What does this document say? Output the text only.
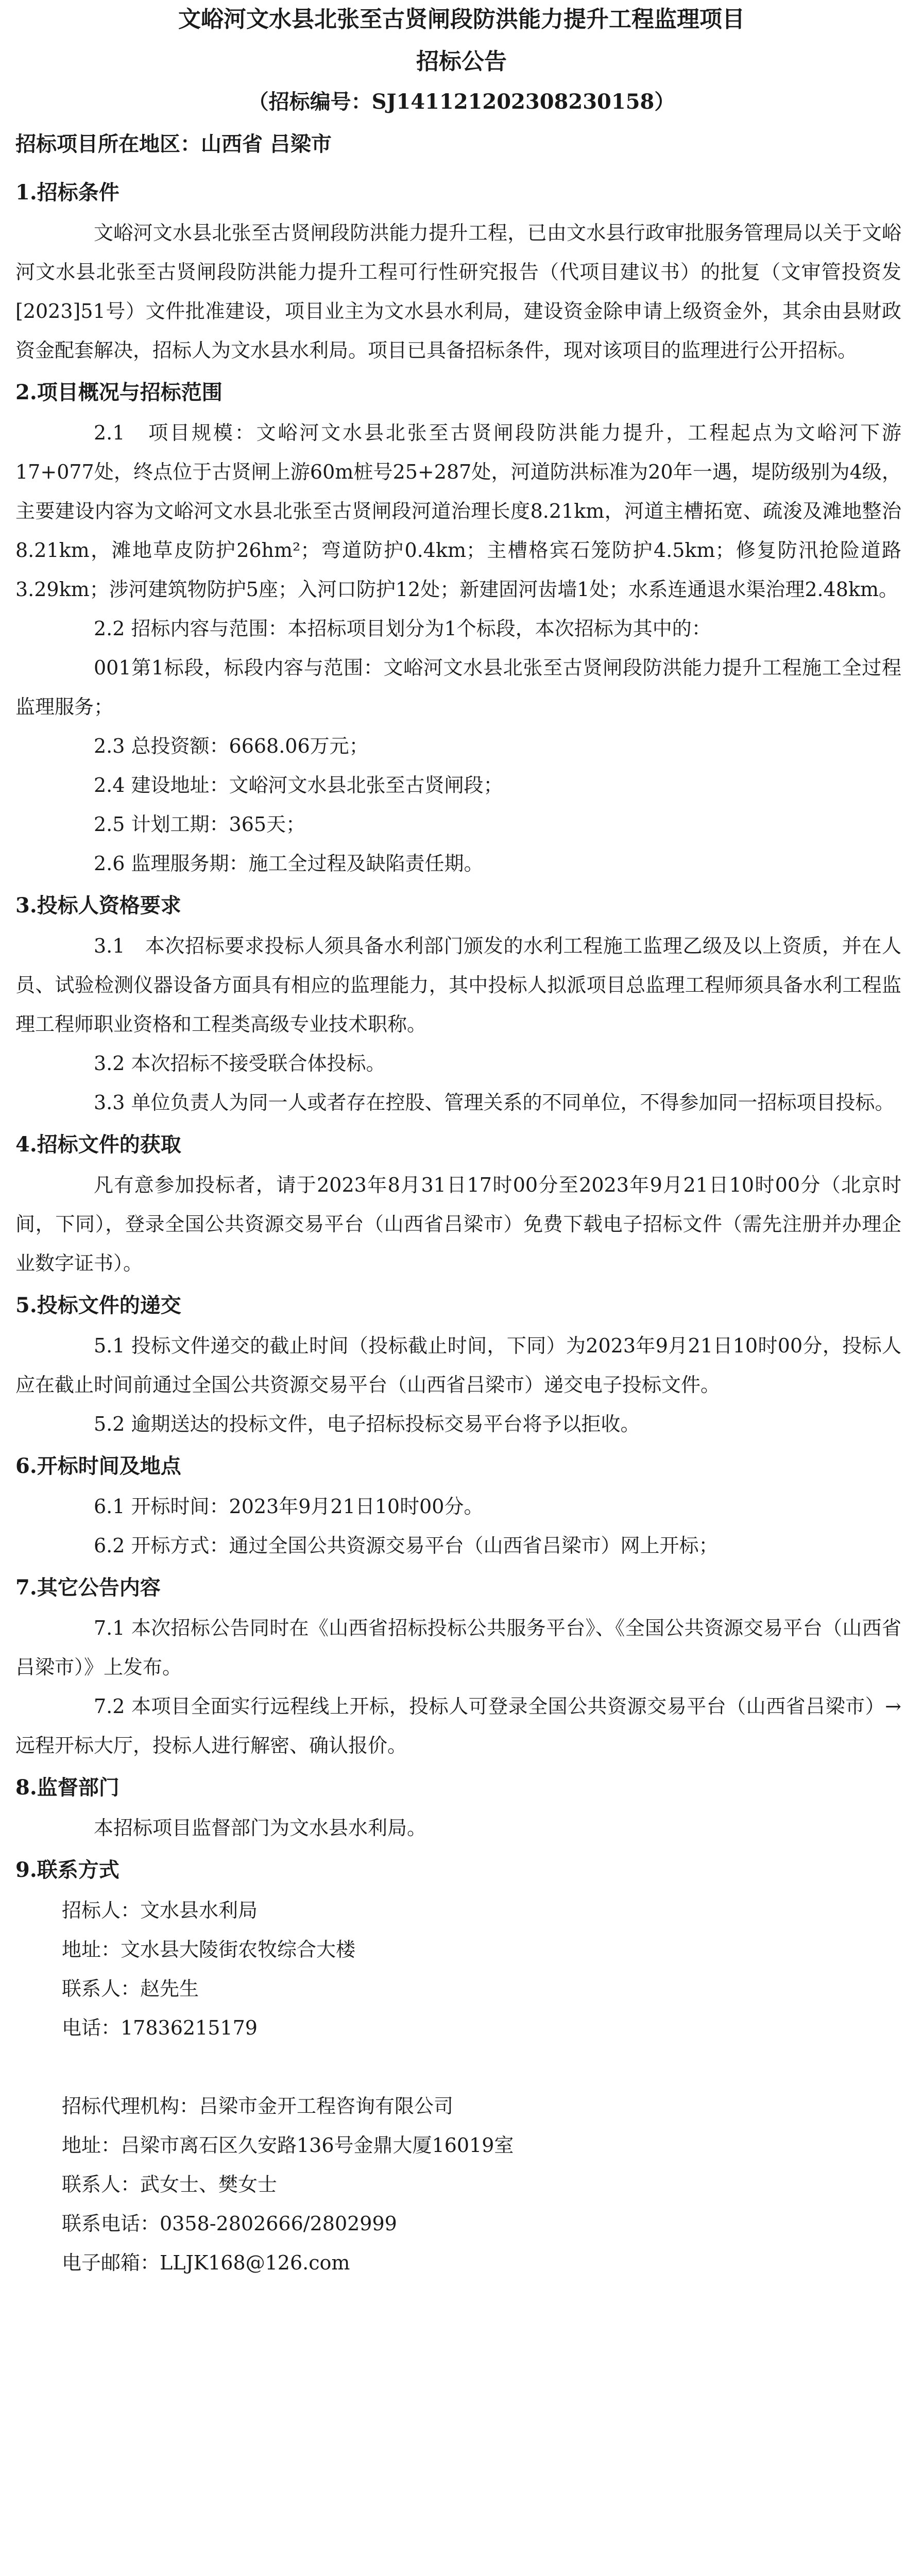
文峪河文水县北张至古贤闸段防洪能力提升工程监理项目
招标公告
（招标编号：SJ141121202308230158）
招标项目所在地区：山西省 吕梁市
1.招标条件

文峪河文水县北张至古贤闸段防洪能力提升工程，已由文水县行政审批服务管理局以关于文峪河文水县北张至古贤闸段防洪能力提升工程可行性研究报告（代项目建议书）的批复（文审管投资发[2023]51号）文件批准建设，项目业主为文水县水利局，建设资金除申请上级资金外，其余由县财政资金配套解决，招标人为文水县水利局。项目已具备招标条件，现对该项目的监理进行公开招标。

2.项目概况与招标范围

2.1　项目规模：文峪河文水县北张至古贤闸段防洪能力提升，工程起点为文峪河下游17+077处，终点位于古贤闸上游60m桩号25+287处，河道防洪标准为20年一遇，堤防级别为4级，主要建设内容为文峪河文水县北张至古贤闸段河道治理长度8.21km，河道主槽拓宽、疏浚及滩地整治8.21km，滩地草皮防护26hm²；弯道防护0.4km；主槽格宾石笼防护4.5km；修复防汛抢险道路3.29km；涉河建筑物防护5座；入河口防护12处；新建固河齿墙1处；水系连通退水渠治理2.48km。

2.2 招标内容与范围：本招标项目划分为1个标段，本次招标为其中的：

001第1标段，标段内容与范围：文峪河文水县北张至古贤闸段防洪能力提升工程施工全过程监理服务；

2.3 总投资额：6668.06万元；

2.4 建设地址：文峪河文水县北张至古贤闸段；

2.5 计划工期：365天；

2.6 监理服务期：施工全过程及缺陷责任期。

3.投标人资格要求

3.1　本次招标要求投标人须具备水利部门颁发的水利工程施工监理乙级及以上资质，并在人员、试验检测仪器设备方面具有相应的监理能力，其中投标人拟派项目总监理工程师须具备水利工程监理工程师职业资格和工程类高级专业技术职称。

3.2 本次招标不接受联合体投标。

3.3 单位负责人为同一人或者存在控股、管理关系的不同单位，不得参加同一招标项目投标。

4.招标文件的获取

凡有意参加投标者，请于2023年8月31日17时00分至2023年9月21日10时00分（北京时间，下同），登录全国公共资源交易平台（山西省吕梁市）免费下载电子招标文件（需先注册并办理企业数字证书）。

5.投标文件的递交

5.1 投标文件递交的截止时间（投标截止时间，下同）为2023年9月21日10时00分，投标人应在截止时间前通过全国公共资源交易平台（山西省吕梁市）递交电子投标文件。

5.2 逾期送达的投标文件，电子招标投标交易平台将予以拒收。

6.开标时间及地点

6.1 开标时间：2023年9月21日10时00分。

6.2 开标方式：通过全国公共资源交易平台（山西省吕梁市）网上开标；

7.其它公告内容

7.1 本次招标公告同时在《山西省招标投标公共服务平台》、《全国公共资源交易平台（山西省吕梁市）》上发布。

7.2 本项目全面实行远程线上开标，投标人可登录全国公共资源交易平台（山西省吕梁市）→远程开标大厅，投标人进行解密、确认报价。

8.监督部门

本招标项目监督部门为文水县水利局。

9.联系方式
招标人：文水县水利局
地址：文水县大陵街农牧综合大楼
联系人：赵先生
电话：17836215179
招标代理机构：吕梁市金开工程咨询有限公司
地址：吕梁市离石区久安路136号金鼎大厦16019室
联系人：武女士、樊女士
联系电话：0358-2802666/2802999
电子邮箱：LLJK168@126.com
